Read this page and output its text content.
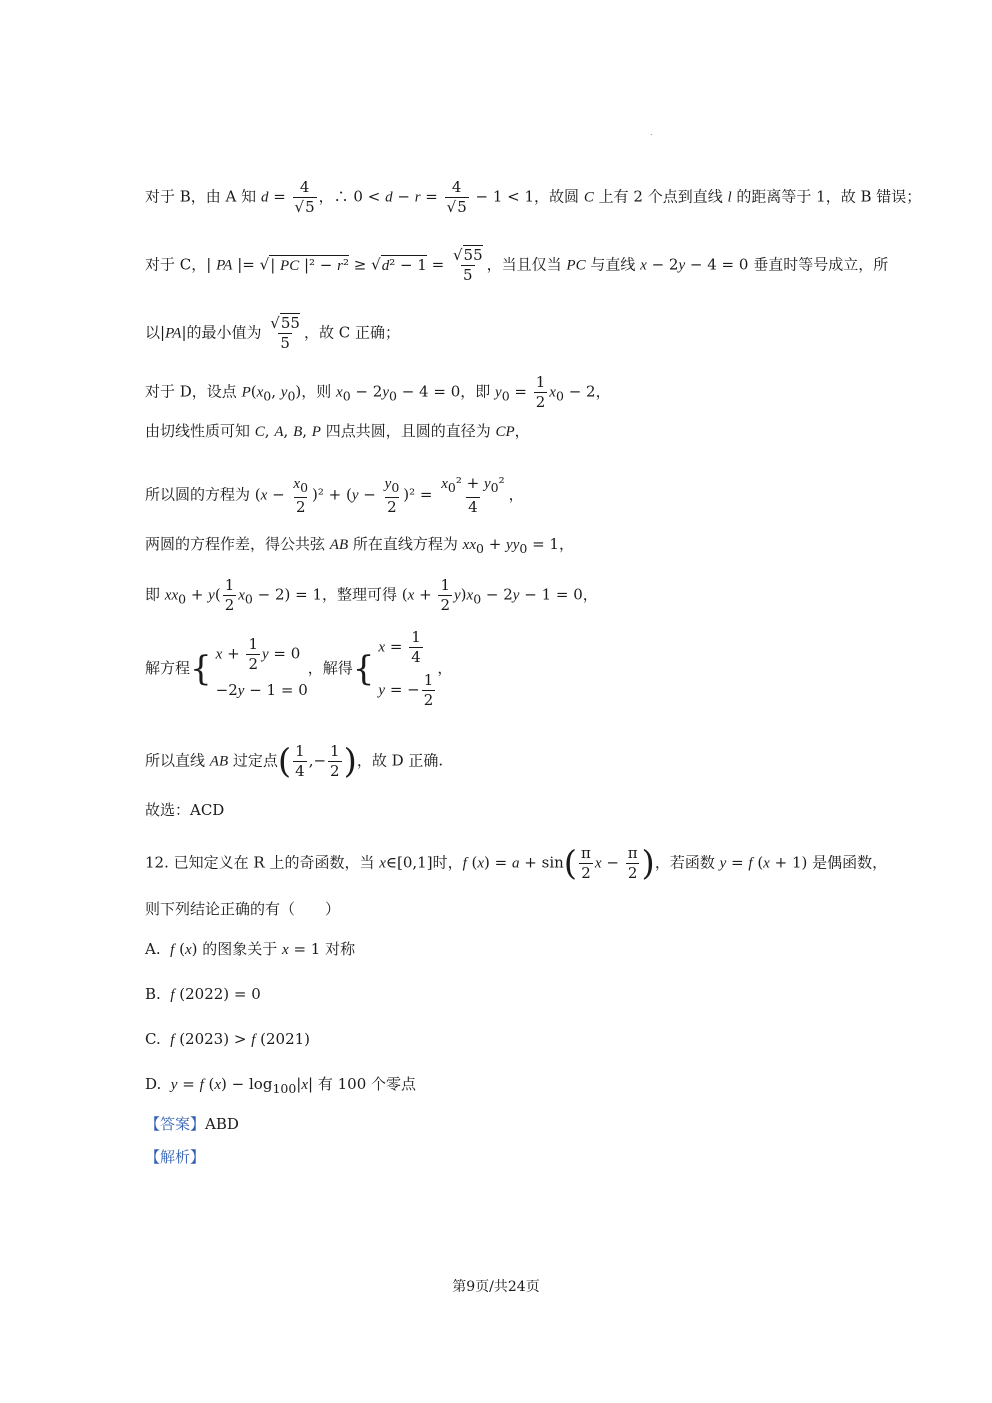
.
对于 B，由 A 知 $d = \frac{4}{√5}$ ，∴ $0 < d - r = \frac{4}{√5} - 1 < 1$，故圆 C 上有 2 个点到直线 l 的距离等于 1，故 B 错误；
对于 C，| PA |= √| PC $|^2 - r^2 \ge √d^2 - 1 = \frac{√55}{5}$ ，当且仅当 PC 与直线 x − 2y − 4 = 0 垂直时等号成立，所
以|PA|的最小值为 $\frac{√55}{5}$ ，故 C 正确；
对于 D，设点 $P(x_0$, $y_0$)，则 $x_0 - 2y_0 - 4 = 0$，即 $y_0 = \frac{1}{2} x_0 - 2$，
由切线性质可知 C, A, B, P 四点共圆，且圆的直径为 CP，
所以圆的方程为 $(x - \frac{x_0}{2} )^2 + (y - \frac{y_0}{2} )^2 = \frac{x_0^2 + y_0^2}{4}$ ，
两圆的方程作差，得公共弦 AB 所在直线方程为 $xx_0 + yy_0 = 1$，
即 $xx_0 + y( \frac{1}{2} x_0 - 2) = 1$，整理可得 $(x + \frac{1}{2} y)x_0 - 2y - 1 = 0$，
解方程{ $x + \frac{1}{2}$ y = 0
−2y − 1 = 0
，解得{
$x = \frac{1}{4}$
y = − $\frac{1}{2}$
，
所以直线 AB 过定点( $\frac{1}{4}$ ,− $\frac{1}{2}$ )，故 D 正确.
故选：ACD
12. 已知定义在 R 上的奇函数，当 x∈[0,1]时，f $(x) = a + \sin( \frac{\pi}{2}$ $x - \frac{\pi}{2}$ )，若函数 y = f (x + 1) 是偶函数，
则下列结论正确的有（　　）
A.  f (x) 的图象关于 x = 1 对称
B.  f (2022) = 0
C.  f (2023) > f (2021)
D.  y = f $(x) - \log_{100}|x|$ 有 100 个零点
【答案】ABD
【解析】
第9页/共24页
